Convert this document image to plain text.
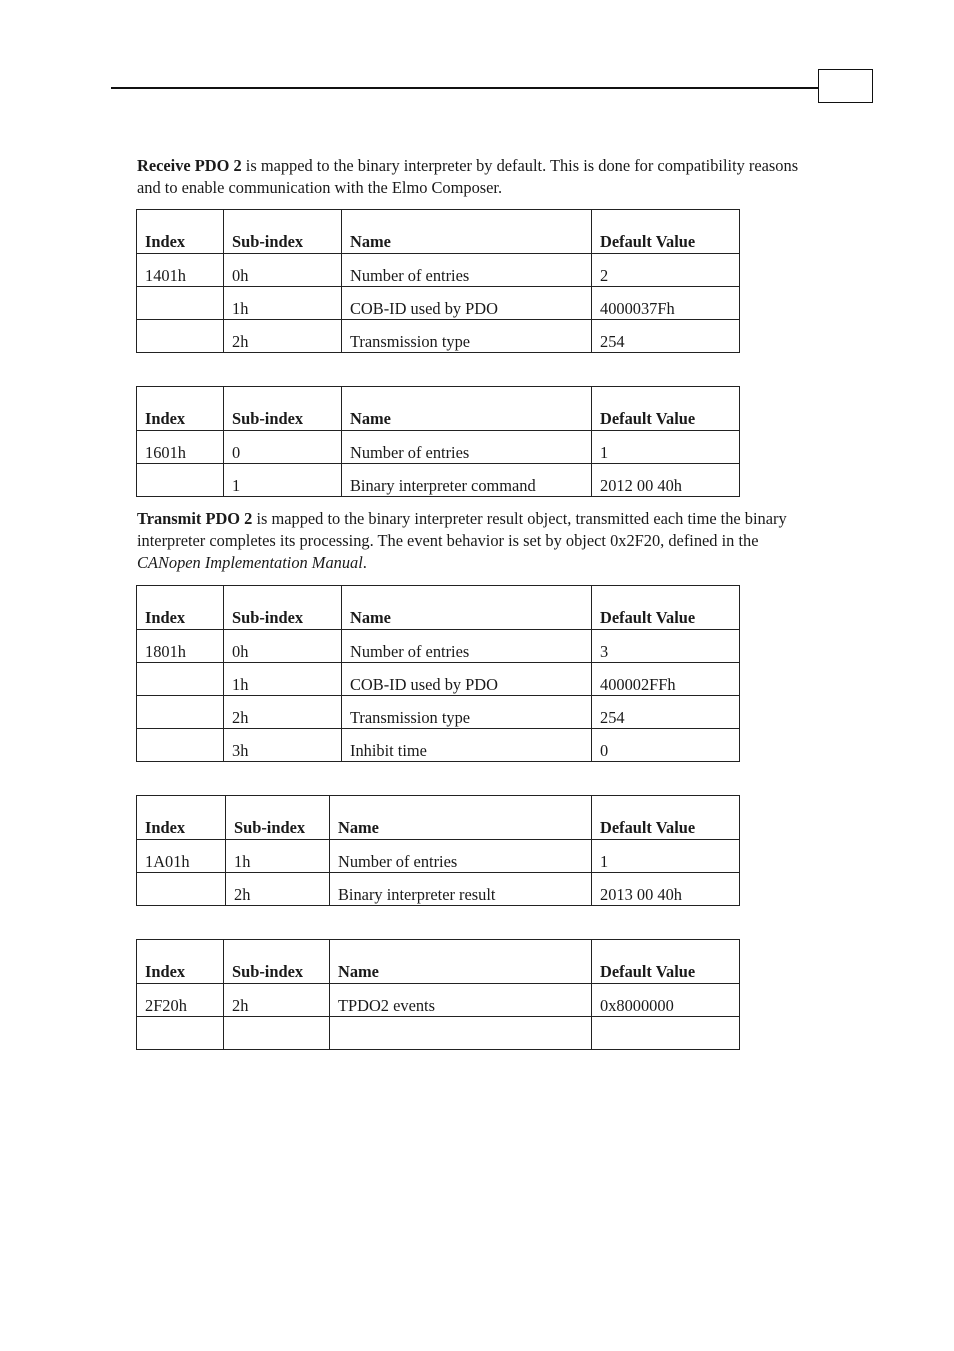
Receive PDO 2 is mapped to the binary interpreter by default. This is done for compatibility reasons and to enable communication with the Elmo Composer.

Index	Sub-index	Name	Default Value
1401h	0h	Number of entries	2
	1h	COB-ID used by PDO	4000037Fh
	2h	Transmission type	254
Index	Sub-index	Name	Default Value
1601h	0	Number of entries	1
	1	Binary interpreter command	2012 00 40h

Transmit PDO 2 is mapped to the binary interpreter result object, transmitted each time the binary interpreter completes its processing. The event behavior is set by object 0x2F20, defined in the CANopen Implementation Manual.

Index	Sub-index	Name	Default Value
1801h	0h	Number of entries	3
	1h	COB-ID used by PDO	400002FFh
	2h	Transmission type	254
	3h	Inhibit time	0
Index	Sub-index	Name	Default Value
1A01h	1h	Number of entries	1
	2h	Binary interpreter result	2013 00 40h
Index	Sub-index	Name	Default Value
2F20h	2h	TPDO2 events	0x8000000
